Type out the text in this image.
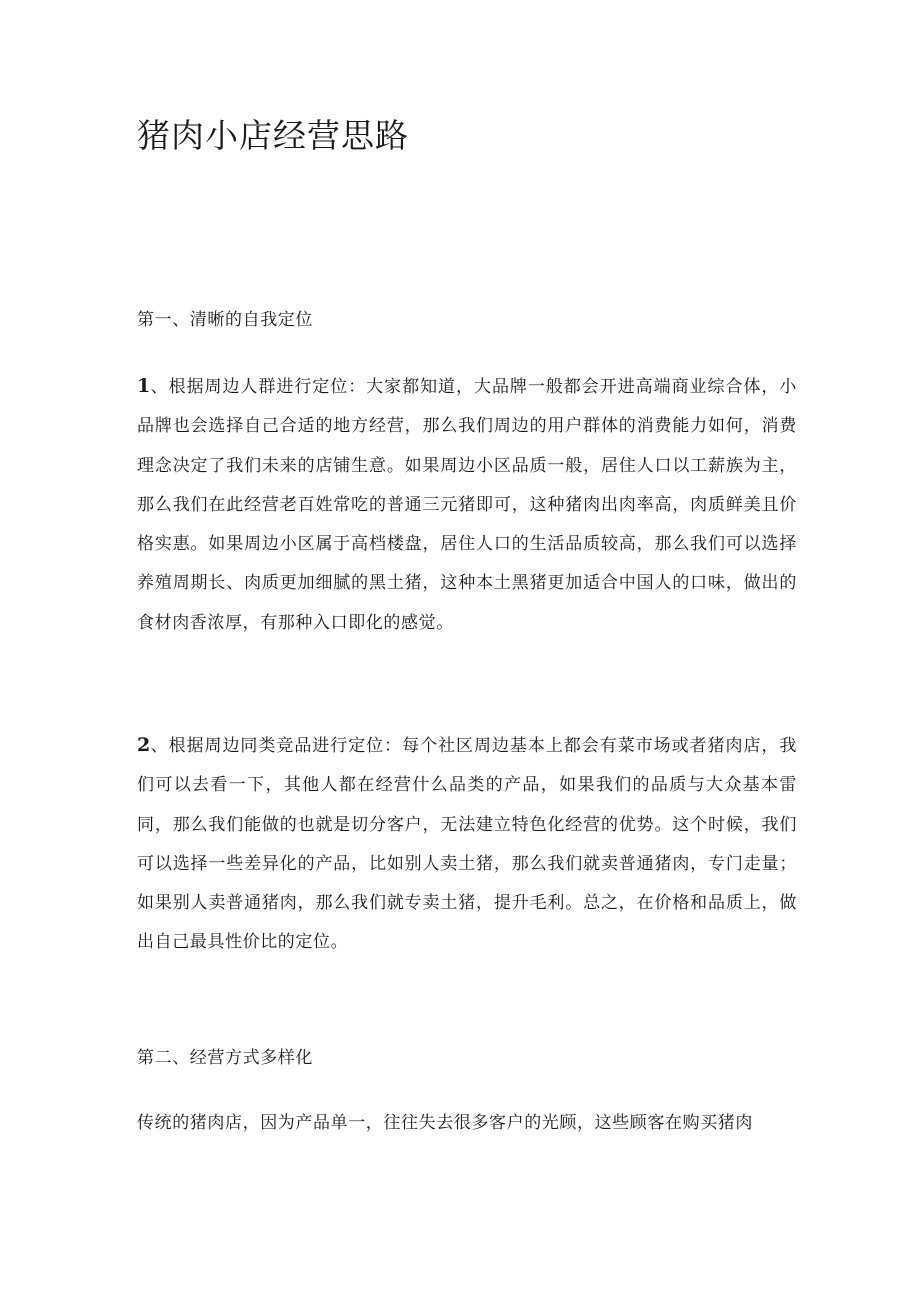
猪肉小店经营思路
第一、清晰的自我定位

1、根据周边人群进行定位：大家都知道，大品牌一般都会开进高端商业综合体，小品牌也会选择自己合适的地方经营，那么我们周边的用户群体的消费能力如何，消费理念决定了我们未来的店铺生意。如果周边小区品质一般，居住人口以工薪族为主，那么我们在此经营老百姓常吃的普通三元猪即可，这种猪肉出肉率高，肉质鲜美且价格实惠。如果周边小区属于高档楼盘，居住人口的生活品质较高，那么我们可以选择养殖周期长、肉质更加细腻的黑土猪，这种本土黑猪更加适合中国人的口味，做出的食材肉香浓厚，有那种入口即化的感觉。

2、根据周边同类竞品进行定位：每个社区周边基本上都会有菜市场或者猪肉店，我们可以去看一下，其他人都在经营什么品类的产品，如果我们的品质与大众基本雷同，那么我们能做的也就是切分客户，无法建立特色化经营的优势。这个时候，我们可以选择一些差异化的产品，比如别人卖土猪，那么我们就卖普通猪肉，专门走量；如果别人卖普通猪肉，那么我们就专卖土猪，提升毛利。总之，在价格和品质上，做出自己最具性价比的定位。

第二、经营方式多样化

传统的猪肉店，因为产品单一，往往失去很多客户的光顾，这些顾客在购买猪肉
